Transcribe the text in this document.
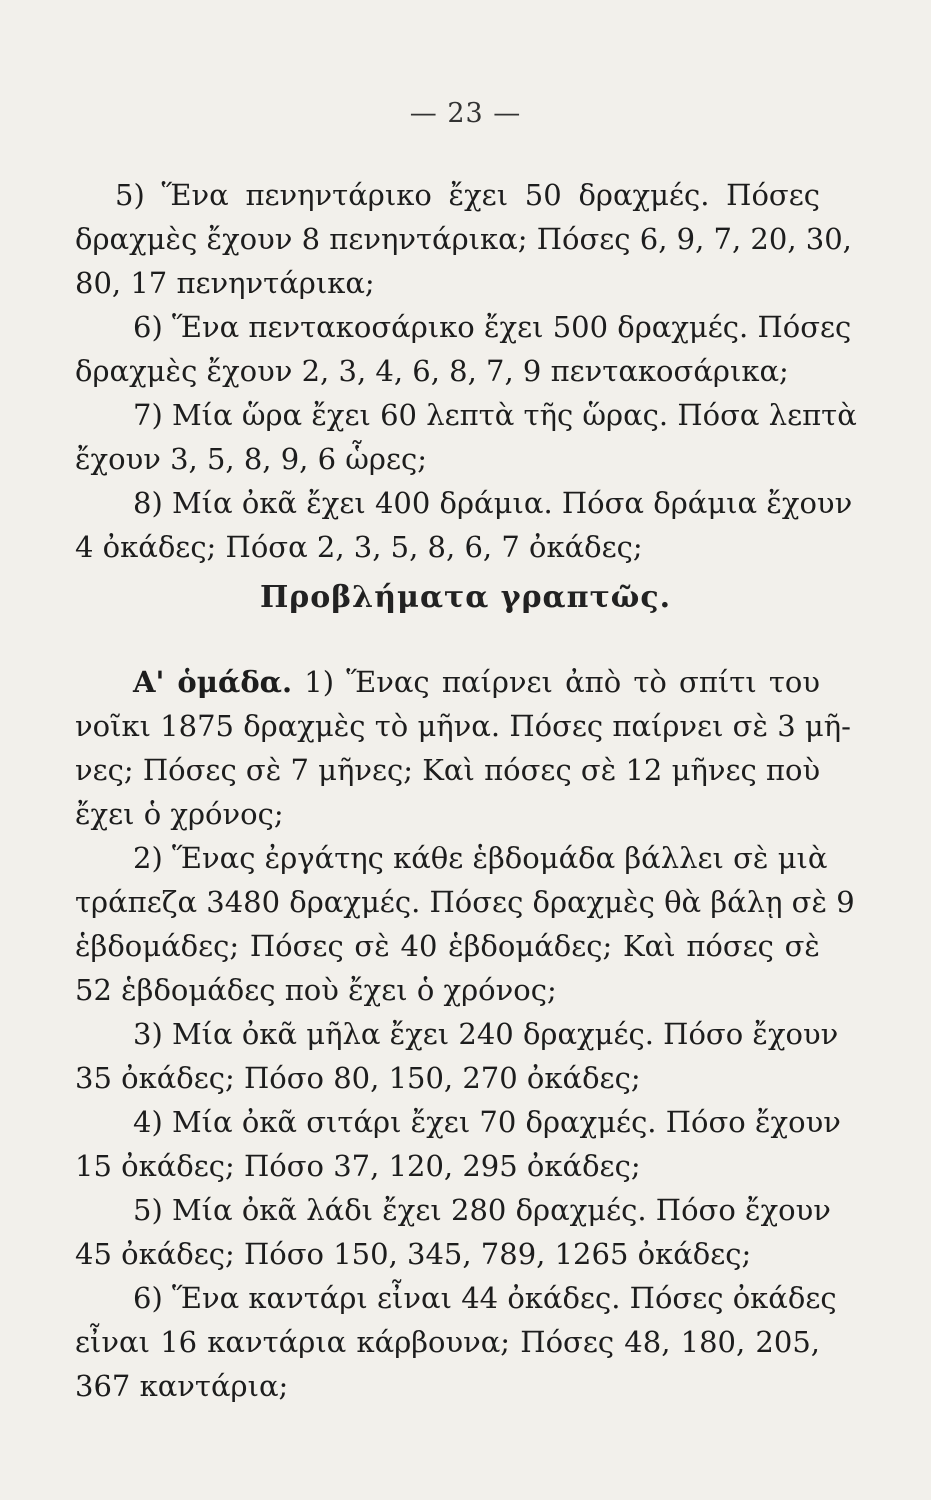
— 23 —
5) Ἕνα πενηντάρικο ἔχει 50 δραχμές. Πόσες
δραχμὲς ἔχουν 8 πενηντάρικα; Πόσες 6, 9, 7, 20, 30,
80, 17 πενηντάρικα;
6) Ἕνα πεντακοσάρικο ἔχει 500 δραχμές. Πόσες
δραχμὲς ἔχουν 2, 3, 4, 6, 8, 7, 9 πεντακοσάρικα;
7) Μία ὥρα ἔχει 60 λεπτὰ τῆς ὥρας. Πόσα λεπτὰ
ἔχουν 3, 5, 8, 9, 6 ὧρες;
8) Μία ὀκᾶ ἔχει 400 δράμια. Πόσα δράμια ἔχουν
4 ὀκάδες; Πόσα 2, 3, 5, 8, 6, 7 ὀκάδες;
Προβλήματα γραπτῶς.
Α' ὁμάδα. 1) Ἕνας παίρνει ἀπὸ τὸ σπίτι του
νοῖκι 1875 δραχμὲς τὸ μῆνα. Πόσες παίρνει σὲ 3 μῆ-
νες; Πόσες σὲ 7 μῆνες; Καὶ πόσες σὲ 12 μῆνες ποὺ
ἔχει ὁ χρόνος;
2) Ἕνας ἐργάτης κάθε ἑβδομάδα βάλλει σὲ μιὰ
τράπεζα 3480 δραχμές. Πόσες δραχμὲς θὰ βάλῃ σὲ 9
ἑβδομάδες; Πόσες σὲ 40 ἑβδομάδες; Καὶ πόσες σὲ
52 ἑβδομάδες ποὺ ἔχει ὁ χρόνος;
3) Μία ὀκᾶ μῆλα ἔχει 240 δραχμές. Πόσο ἔχουν
35 ὀκάδες; Πόσο 80, 150, 270 ὀκάδες;
4) Μία ὀκᾶ σιτάρι ἔχει 70 δραχμές. Πόσο ἔχουν
15 ὀκάδες; Πόσο 37, 120, 295 ὀκάδες;
5) Μία ὀκᾶ λάδι ἔχει 280 δραχμές. Πόσο ἔχουν
45 ὀκάδες; Πόσο 150, 345, 789, 1265 ὀκάδες;
6) Ἕνα καντάρι εἶναι 44 ὀκάδες. Πόσες ὀκάδες
εἶναι 16 καντάρια κάρβουνα; Πόσες 48, 180, 205,
367 καντάρια;
